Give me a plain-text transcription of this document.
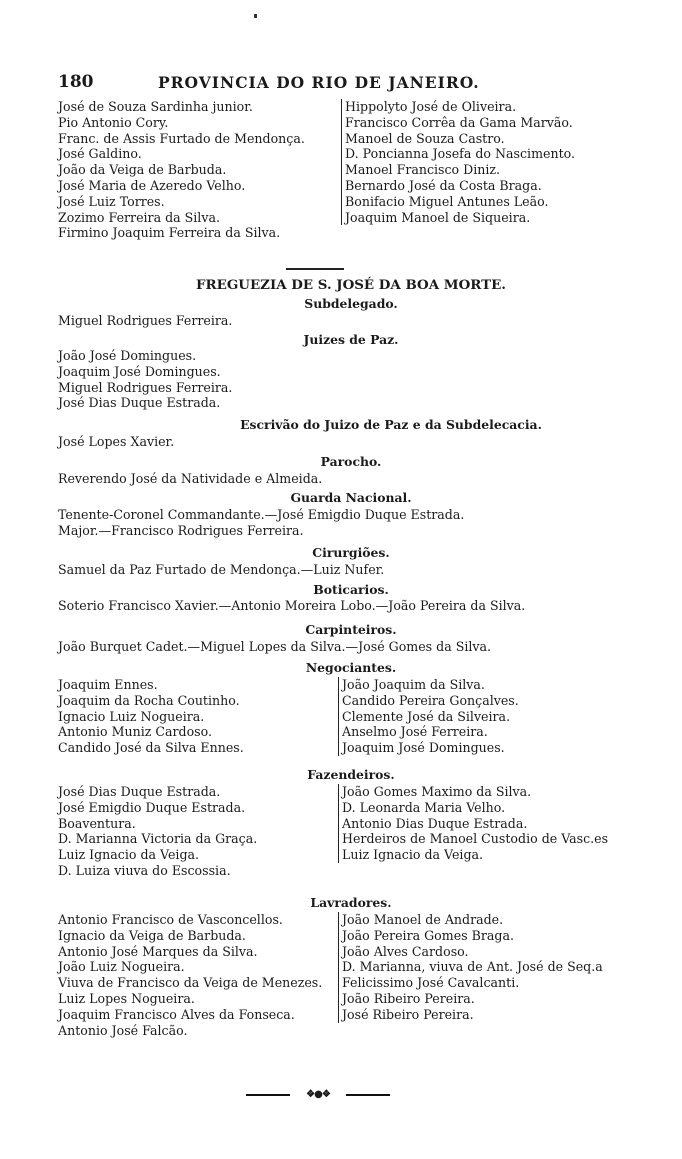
180	PROVINCIA DO RIO DE JANEIRO.
José de Souza Sardinha junior.
Pio Antonio Cory.
Franc. de Assis Furtado de Mendonça.
José Galdino.
João da Veiga de Barbuda.
José Maria de Azeredo Velho.
José Luiz Torres.
Zozimo Ferreira da Silva.
Firmino Joaquim Ferreira da Silva.
Hippolyto José de Oliveira.
Francisco Corrêa da Gama Marvão.
Manoel de Souza Castro.
D. Poncianna Josefa do Nascimento.
Manoel Francisco Diniz.
Bernardo José da Costa Braga.
Bonifacio Miguel Antunes Leão.
Joaquim Manoel de Siqueira.
FREGUEZIA DE S. JOSÉ DA BOA MORTE.
Subdelegado.
Miguel Rodrigues Ferreira.
Juizes de Paz.
João José Domingues.
Joaquim José Domingues.
Miguel Rodrigues Ferreira.
José Dias Duque Estrada.
Escrivão do Juizo de Paz e da Subdelecacia.
José Lopes Xavier.
Parocho.
Reverendo José da Natividade e Almeida.
Guarda Nacional.
Tenente-Coronel Commandante.—José Emigdio Duque Estrada.
Major.—Francisco Rodrigues Ferreira.
Cirurgiões.
Samuel da Paz Furtado de Mendonça.—Luiz Nufer.
Boticarios.
Soterio Francisco Xavier.—Antonio Moreira Lobo.—João Pereira da Silva.
Carpinteiros.
João Burquet Cadet.—Miguel Lopes da Silva.—José Gomes da Silva.
Negociantes.
Joaquim Ennes.
Joaquim da Rocha Coutinho.
Ignacio Luiz Nogueira.
Antonio Muniz Cardoso.
Candido José da Silva Ennes.
João Joaquim da Silva.
Candido Pereira Gonçalves.
Clemente José da Silveira.
Anselmo José Ferreira.
Joaquim José Domingues.
Fazendeiros.
José Dias Duque Estrada.
José Emigdio Duque Estrada.
Boaventura.
D. Marianna Victoria da Graça.
Luiz Ignacio da Veiga.
D. Luiza viuva do Escossia.
João Gomes Maximo da Silva.
D. Leonarda Maria Velho.
Antonio Dias Duque Estrada.
Herdeiros de Manoel Custodio de Vasc.es
Luiz Ignacio da Veiga.
Lavradores.
Antonio Francisco de Vasconcellos.
Ignacio da Veiga de Barbuda.
Antonio José Marques da Silva.
João Luiz Nogueira.
Viuva de Francisco da Veiga de Menezes.
Luiz Lopes Nogueira.
Joaquim Francisco Alves da Fonseca.
Antonio José Falcão.
João Manoel de Andrade.
João Pereira Gomes Braga.
João Alves Cardoso.
D. Marianna, viuva de Ant. José de Seq.a
Felicissimo José Cavalcanti.
João Ribeiro Pereira.
José Ribeiro Pereira.
❖●❖
